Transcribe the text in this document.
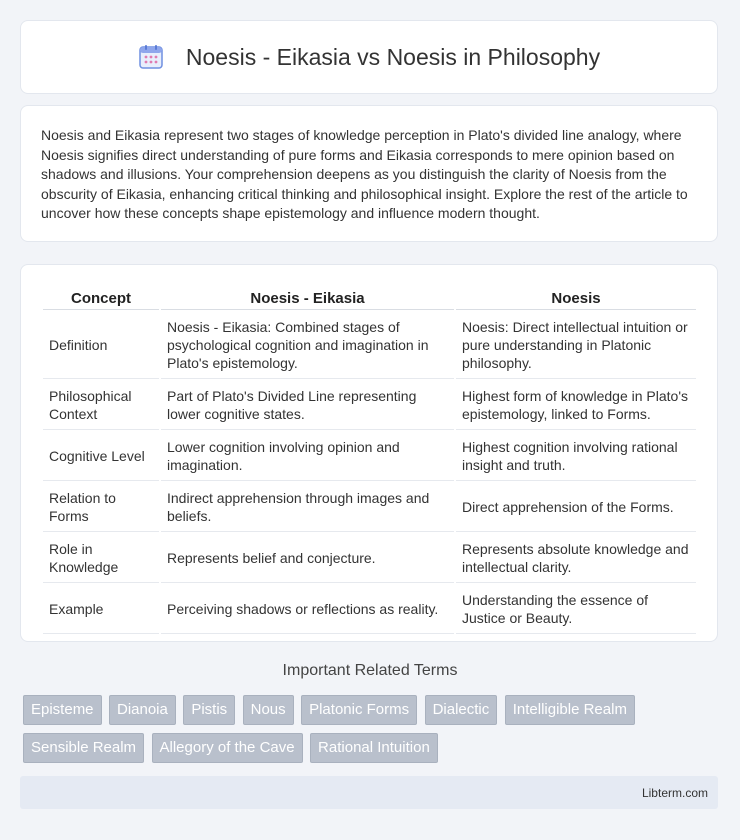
Noesis - Eikasia vs Noesis in Philosophy

Noesis and Eikasia represent two stages of knowledge perception in Plato's divided line analogy, where Noesis signifies direct understanding of pure forms and Eikasia corresponds to mere opinion based on shadows and illusions. Your comprehension deepens as you distinguish the clarity of Noesis from the obscurity of Eikasia, enhancing critical thinking and philosophical insight. Explore the rest of the article to uncover how these concepts shape epistemology and influence modern thought.

Concept	Noesis - Eikasia	Noesis
Definition	Noesis - Eikasia: Combined stages of psychological cognition and imagination in Plato's epistemology.	Noesis: Direct intellectual intuition or pure understanding in Platonic philosophy.
Philosophical Context	Part of Plato's Divided Line representing lower cognitive states.	Highest form of knowledge in Plato's epistemology, linked to Forms.
Cognitive Level	Lower cognition involving opinion and imagination.	Highest cognition involving rational insight and truth.
Relation to Forms	Indirect apprehension through images and beliefs.	Direct apprehension of the Forms.
Role in Knowledge	Represents belief and conjecture.	Represents absolute knowledge and intellectual clarity.
Example	Perceiving shadows or reflections as reality.	Understanding the essence of Justice or Beauty.
Important Related Terms
Episteme Dianoia Pistis Nous Platonic Forms Dialectic Intelligible Realm Sensible Realm Allegory of the Cave Rational Intuition
Libterm.com
